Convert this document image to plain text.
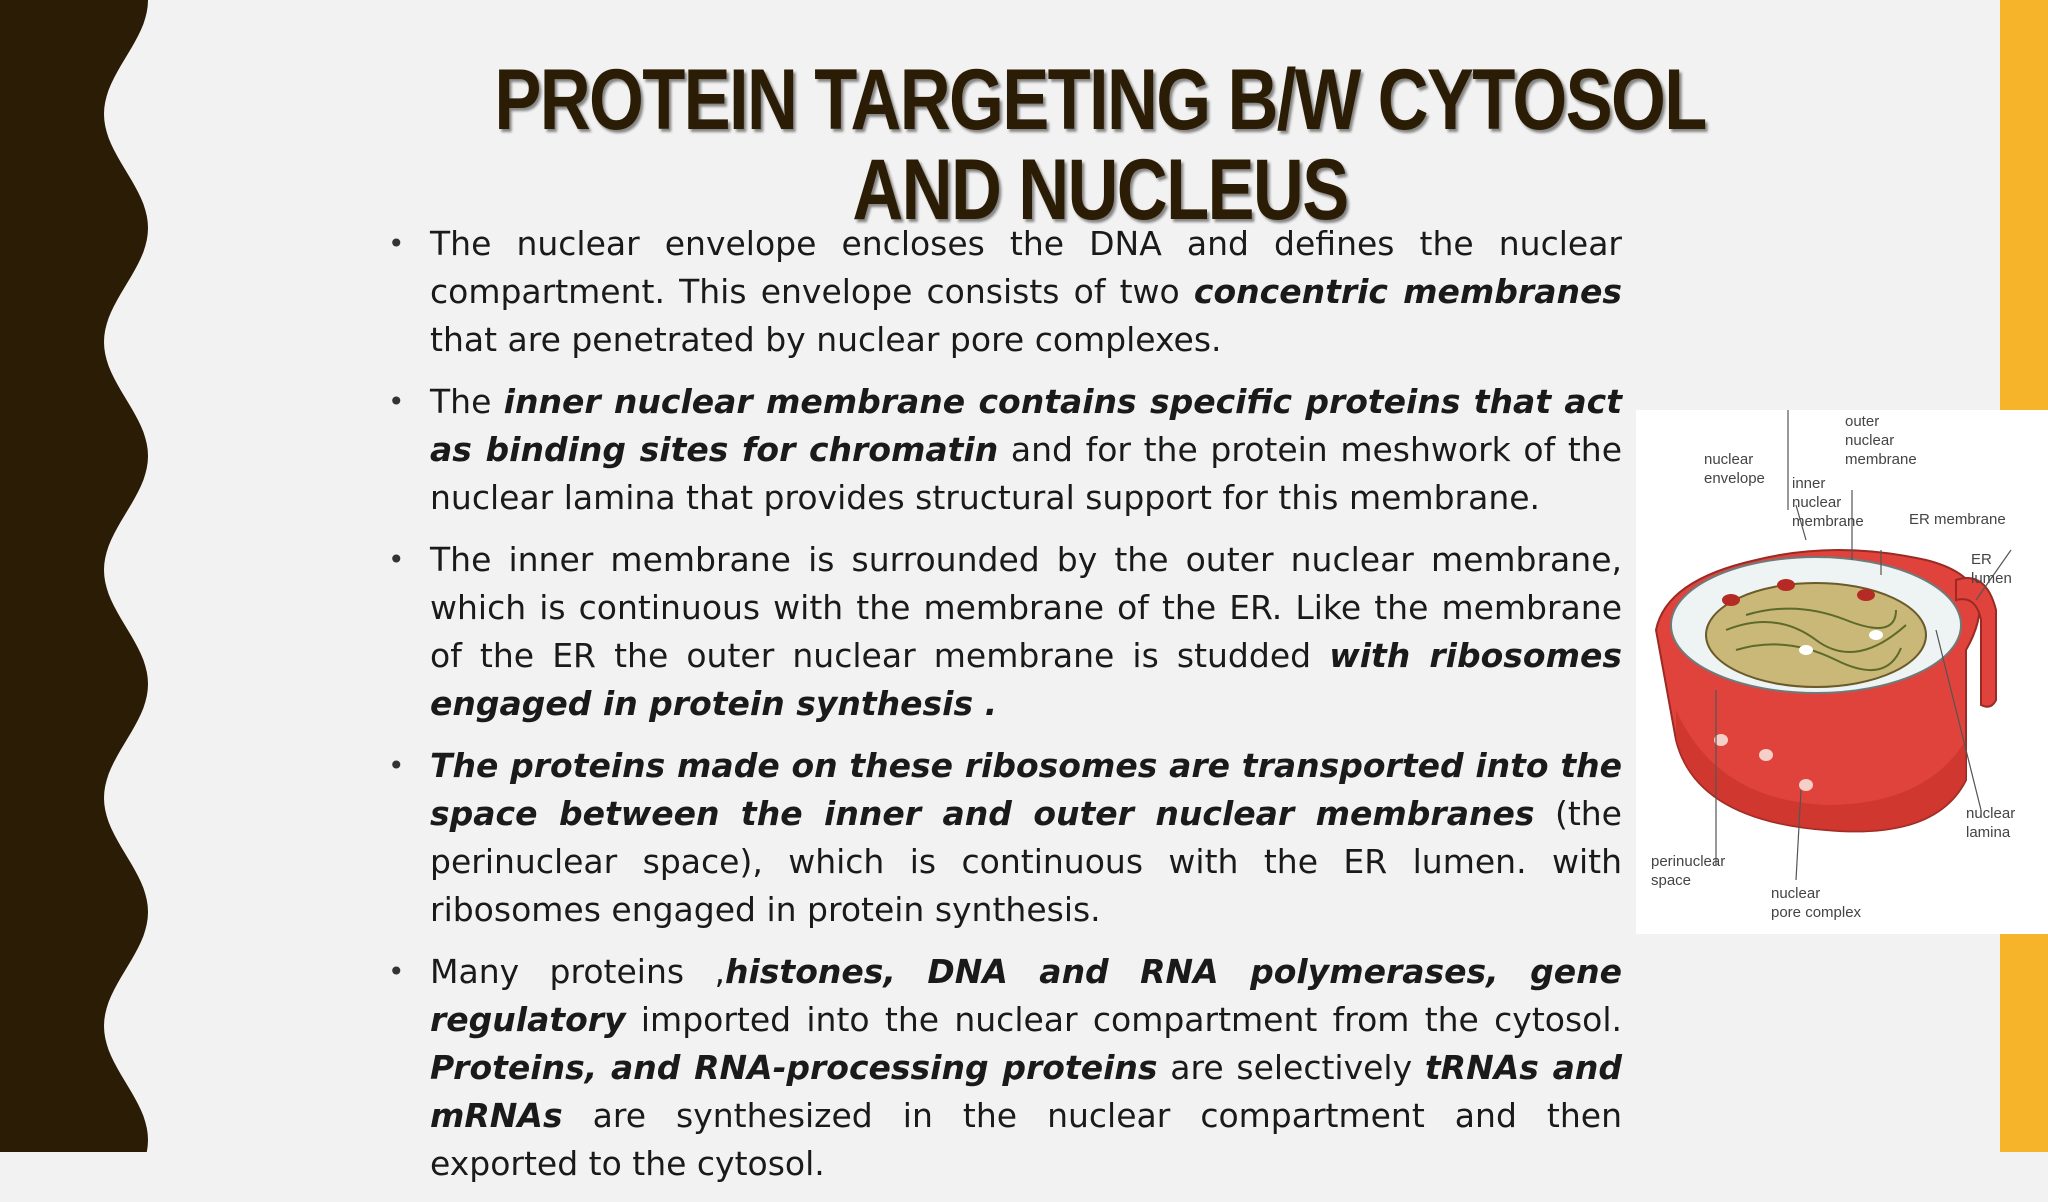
PROTEIN TARGETING B/W CYTOSOL AND NUCLEUS
• The nuclear envelope encloses the DNA and defines the nuclear compartment. This envelope consists of two concentric membranes that are penetrated by nuclear pore complexes.
• The inner nuclear membrane contains specific proteins that act as binding sites for chromatin and for the protein meshwork of the nuclear lamina that provides structural support for this membrane.
• The inner membrane is surrounded by the outer nuclear membrane, which is continuous with the membrane of the ER. Like the membrane of the ER the outer nuclear membrane is studded with ribosomes engaged in protein synthesis .
• The proteins made on these ribosomes are transported into the space between the inner and outer nuclear membranes (the perinuclear space), which is continuous with the ER lumen. with ribosomes engaged in protein synthesis.
• Many proteins ,histones, DNA and RNA polymerases, gene regulatory imported into the nuclear compartment from the cytosol. Proteins, and RNA-processing proteins are selectively tRNAs and mRNAs are synthesized in the nuclear compartment and then exported to the cytosol.
outer
nuclear
membrane
nuclear
envelope inner
nuclear
membrane	ER membrane
ER
lumen
nuclear
lamina
perinuclear
space
nuclear
pore complex
